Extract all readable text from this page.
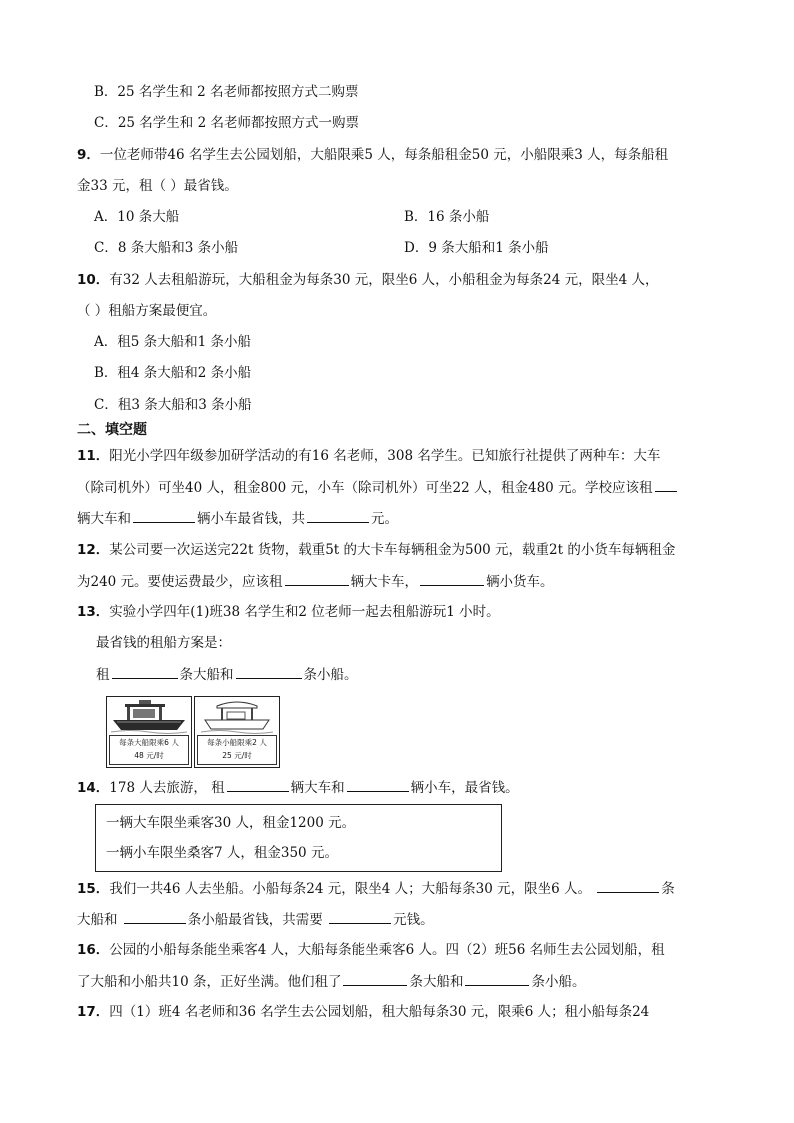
B．25 名学生和 2 名老师都按照方式二购票
C．25 名学生和 2 名老师都按照方式一购票
9．一位老师带46 名学生去公园划船，大船限乘5 人，每条船租金50 元，小船限乘3 人，每条船租
金33 元，租（ ）最省钱。
A．10 条大船	B．16 条小船
C．8 条大船和3 条小船	D．9 条大船和1 条小船
10．有32 人去租船游玩，大船租金为每条30 元，限坐6 人，小船租金为每条24 元，限坐4 人，
（ ）租船方案最便宜。
A．租5 条大船和1 条小船
B．租4 条大船和2 条小船
C．租3 条大船和3 条小船
二、填空题
11．阳光小学四年级参加研学活动的有16 名老师，308 名学生。已知旅行社提供了两种车：大车
（除司机外）可坐40 人，租金800 元，小车（除司机外）可坐22 人，租金480 元。学校应该租
辆大车和	辆小车最省钱，共	元。
12．某公司要一次运送完22t 货物，载重5t 的大卡车每辆租金为500 元，载重2t 的小货车每辆租金
为240 元。要使运费最少，应该租	辆大卡车，	辆小货车。
13．实验小学四年(1)班38 名学生和2 位老师一起去租船游玩1 小时。
最省钱的租船方案是：
租	条大船和	条小船。
每条大船限乘6 人
48 元/时
每条小船限乘2 人
25 元/时
14．178 人去旅游， 租	辆大车和	辆小车，最省钱。
一辆大车限坐乘客30 人，租金1200 元。
一辆小车限坐桑客7 人，租金350 元。
15．我们一共46 人去坐船。小船每条24 元，限坐4 人；大船每条30 元，限坐6 人。	条
大船和	条小船最省钱，共需要	元钱。
16．公园的小船每条能坐乘客4 人，大船每条能坐乘客6 人。四（2）班56 名师生去公园划船，租
了大船和小船共10 条，正好坐满。他们租了	条大船和	条小船。
17．四（1）班4 名老师和36 名学生去公园划船，租大船每条30 元，限乘6 人；租小船每条24
